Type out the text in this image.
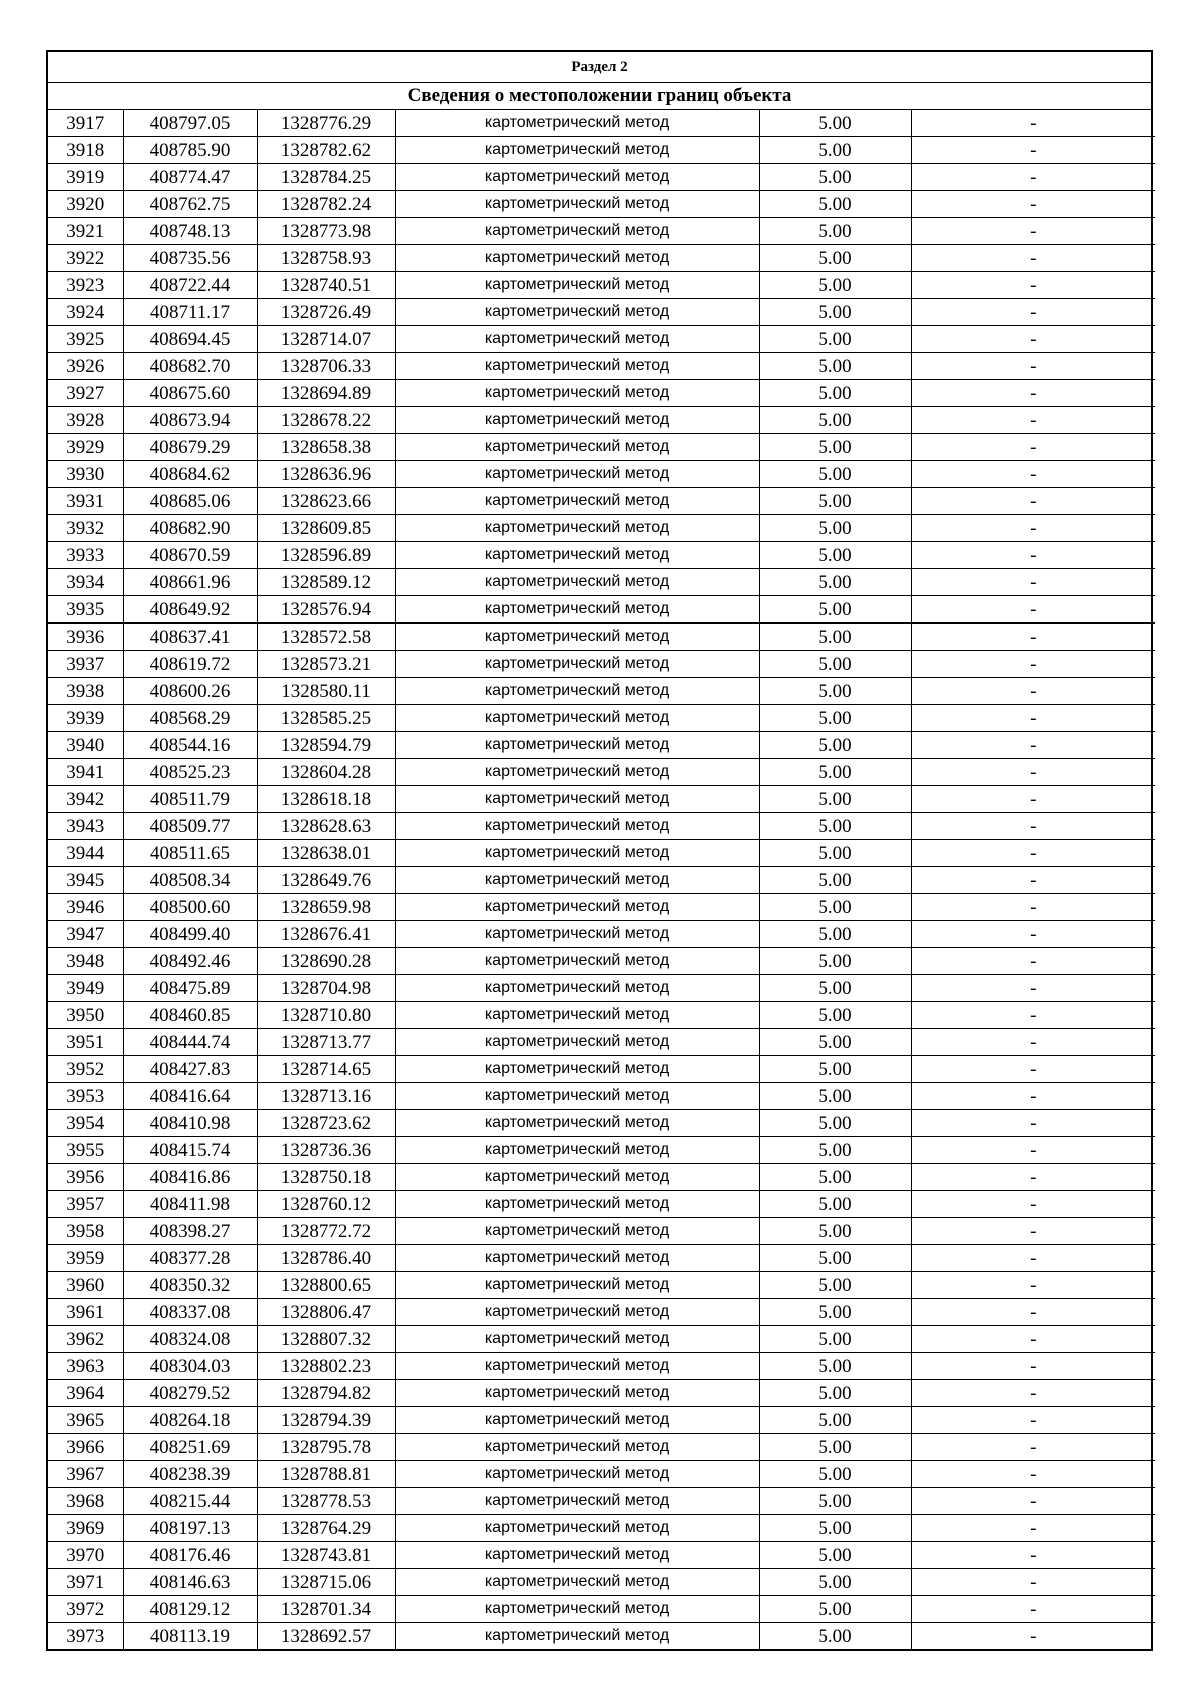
Раздел 2
Сведения о местоположении границ объекта
3917	408797.05	1328776.29	картометрический метод	5.00	-
3918	408785.90	1328782.62	картометрический метод	5.00	-
3919	408774.47	1328784.25	картометрический метод	5.00	-
3920	408762.75	1328782.24	картометрический метод	5.00	-
3921	408748.13	1328773.98	картометрический метод	5.00	-
3922	408735.56	1328758.93	картометрический метод	5.00	-
3923	408722.44	1328740.51	картометрический метод	5.00	-
3924	408711.17	1328726.49	картометрический метод	5.00	-
3925	408694.45	1328714.07	картометрический метод	5.00	-
3926	408682.70	1328706.33	картометрический метод	5.00	-
3927	408675.60	1328694.89	картометрический метод	5.00	-
3928	408673.94	1328678.22	картометрический метод	5.00	-
3929	408679.29	1328658.38	картометрический метод	5.00	-
3930	408684.62	1328636.96	картометрический метод	5.00	-
3931	408685.06	1328623.66	картометрический метод	5.00	-
3932	408682.90	1328609.85	картометрический метод	5.00	-
3933	408670.59	1328596.89	картометрический метод	5.00	-
3934	408661.96	1328589.12	картометрический метод	5.00	-
3935	408649.92	1328576.94	картометрический метод	5.00	-
3936	408637.41	1328572.58	картометрический метод	5.00	-
3937	408619.72	1328573.21	картометрический метод	5.00	-
3938	408600.26	1328580.11	картометрический метод	5.00	-
3939	408568.29	1328585.25	картометрический метод	5.00	-
3940	408544.16	1328594.79	картометрический метод	5.00	-
3941	408525.23	1328604.28	картометрический метод	5.00	-
3942	408511.79	1328618.18	картометрический метод	5.00	-
3943	408509.77	1328628.63	картометрический метод	5.00	-
3944	408511.65	1328638.01	картометрический метод	5.00	-
3945	408508.34	1328649.76	картометрический метод	5.00	-
3946	408500.60	1328659.98	картометрический метод	5.00	-
3947	408499.40	1328676.41	картометрический метод	5.00	-
3948	408492.46	1328690.28	картометрический метод	5.00	-
3949	408475.89	1328704.98	картометрический метод	5.00	-
3950	408460.85	1328710.80	картометрический метод	5.00	-
3951	408444.74	1328713.77	картометрический метод	5.00	-
3952	408427.83	1328714.65	картометрический метод	5.00	-
3953	408416.64	1328713.16	картометрический метод	5.00	-
3954	408410.98	1328723.62	картометрический метод	5.00	-
3955	408415.74	1328736.36	картометрический метод	5.00	-
3956	408416.86	1328750.18	картометрический метод	5.00	-
3957	408411.98	1328760.12	картометрический метод	5.00	-
3958	408398.27	1328772.72	картометрический метод	5.00	-
3959	408377.28	1328786.40	картометрический метод	5.00	-
3960	408350.32	1328800.65	картометрический метод	5.00	-
3961	408337.08	1328806.47	картометрический метод	5.00	-
3962	408324.08	1328807.32	картометрический метод	5.00	-
3963	408304.03	1328802.23	картометрический метод	5.00	-
3964	408279.52	1328794.82	картометрический метод	5.00	-
3965	408264.18	1328794.39	картометрический метод	5.00	-
3966	408251.69	1328795.78	картометрический метод	5.00	-
3967	408238.39	1328788.81	картометрический метод	5.00	-
3968	408215.44	1328778.53	картометрический метод	5.00	-
3969	408197.13	1328764.29	картометрический метод	5.00	-
3970	408176.46	1328743.81	картометрический метод	5.00	-
3971	408146.63	1328715.06	картометрический метод	5.00	-
3972	408129.12	1328701.34	картометрический метод	5.00	-
3973	408113.19	1328692.57	картометрический метод	5.00	-
